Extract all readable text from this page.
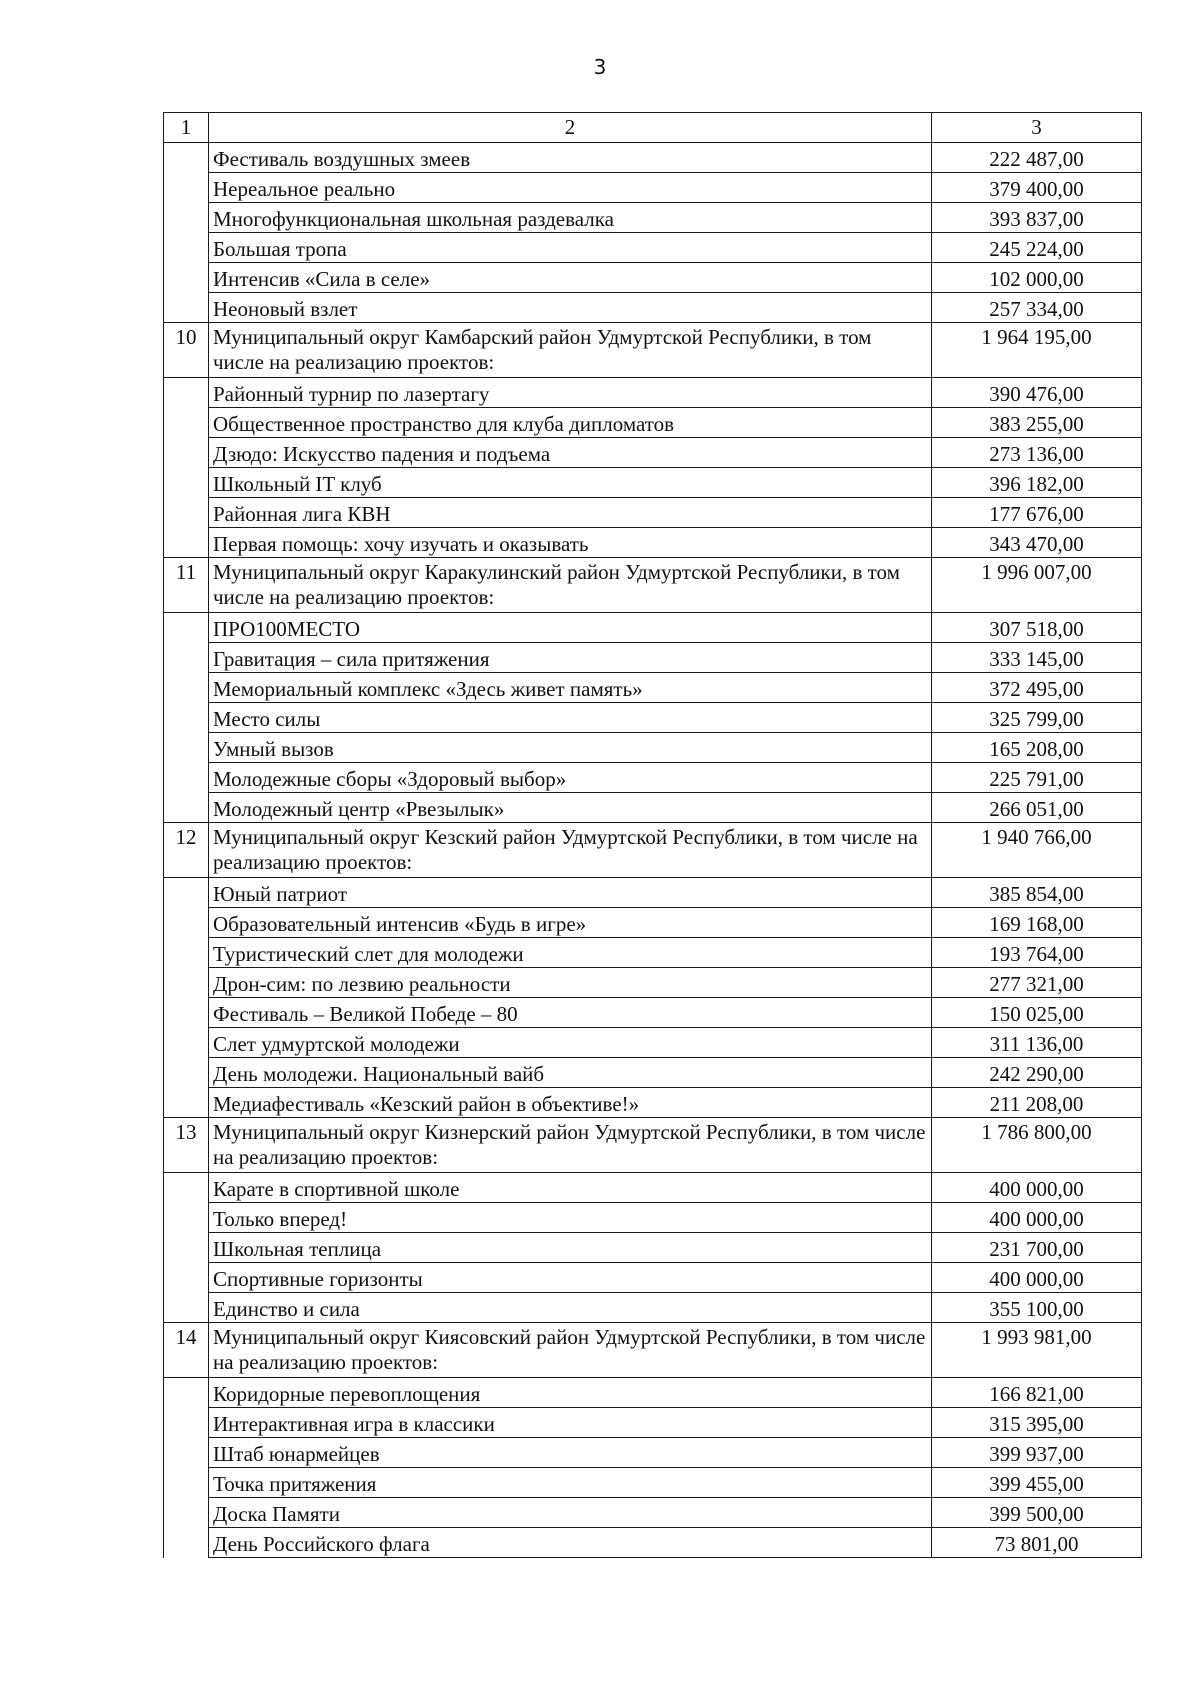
3
1	2	3
	Фестиваль воздушных змеев	222 487,00
	Нереальное реально	379 400,00
	Многофункциональная школьная раздевалка	393 837,00
	Большая тропа	245 224,00
	Интенсив «Сила в селе»	102 000,00
	Неоновый взлет	257 334,00
10	Муниципальный округ Камбарский район Удмуртской Республики, в том числе на реализацию проектов:	1 964 195,00
	Районный турнир по лазертагу	390 476,00
	Общественное пространство для клуба дипломатов	383 255,00
	Дзюдо: Искусство падения и подъема	273 136,00
	Школьный IT клуб	396 182,00
	Районная лига КВН	177 676,00
	Первая помощь: хочу изучать и оказывать	343 470,00
11	Муниципальный округ Каракулинский район Удмуртской Республики, в том числе на реализацию проектов:	1 996 007,00
	ПРО100МЕСТО	307 518,00
	Гравитация – сила притяжения	333 145,00
	Мемориальный комплекс «Здесь живет память»	372 495,00
	Место силы	325 799,00
	Умный вызов	165 208,00
	Молодежные сборы «Здоровый выбор»	225 791,00
	Молодежный центр «Рвезылык»	266 051,00
12	Муниципальный округ Кезский район Удмуртской Республики, в том числе на реализацию проектов:	1 940 766,00
	Юный патриот	385 854,00
	Образовательный интенсив «Будь в игре»	169 168,00
	Туристический слет для молодежи	193 764,00
	Дрон-сим: по лезвию реальности	277 321,00
	Фестиваль – Великой Победе – 80	150 025,00
	Слет удмуртской молодежи	311 136,00
	День молодежи. Национальный вайб	242 290,00
	Медиафестиваль «Кезский район в объективе!»	211 208,00
13	Муниципальный округ Кизнерский район Удмуртской Республики, в том числе на реализацию проектов:	1 786 800,00
	Карате в спортивной школе	400 000,00
	Только вперед!	400 000,00
	Школьная теплица	231 700,00
	Спортивные горизонты	400 000,00
	Единство и сила	355 100,00
14	Муниципальный округ Киясовский район Удмуртской Республики, в том числе на реализацию проектов:	1 993 981,00
	Коридорные перевоплощения	166 821,00
	Интерактивная игра в классики	315 395,00
	Штаб юнармейцев	399 937,00
	Точка притяжения	399 455,00
	Доска Памяти	399 500,00
	День Российского флага	73 801,00
